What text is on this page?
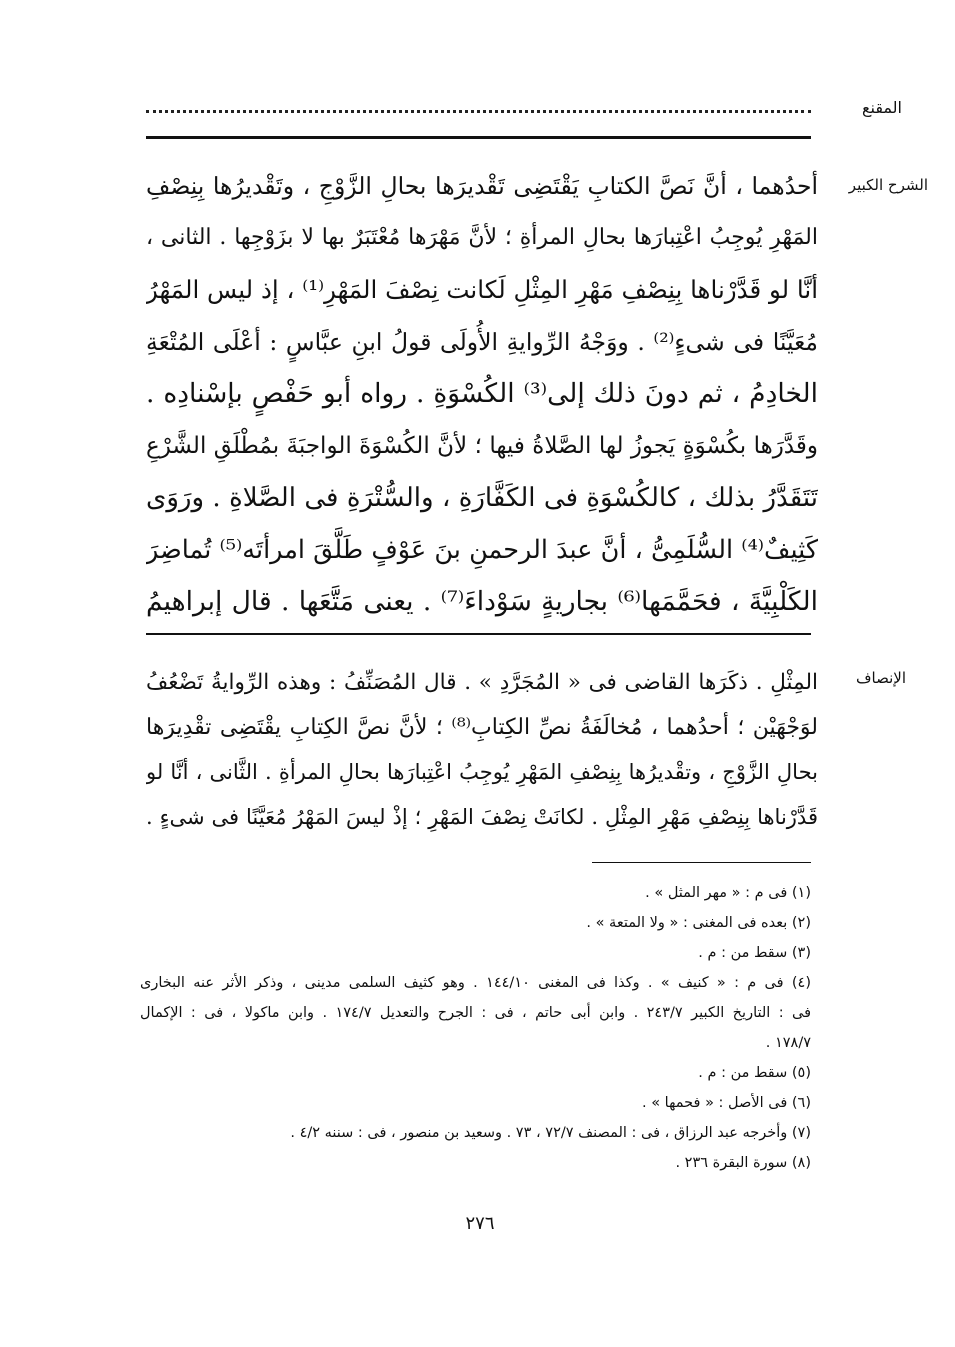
المقنع
الشرح الكبير
أحدُهما ، أنَّ نَصَّ الكتابِ يَقْتَضِى تَقْديرَها بحالِ الزَّوْجِ ، وتَقْديرُها بِنِصْفِ
المَهْرِ يُوجِبُ اعْتِبارَها بحالِ المرأةِ ؛ لأنَّ مَهْرَها مُعْتَبَرٌ بها لا بزَوْجِها . الثانى ،
أنَّا لو قَدَّرْناها بِنِصْفِ مَهْرِ المِثْلِ لَكانت نِصْفَ المَهْرِ⁽¹⁾ ، إذ ليس المَهْرُ
مُعَيَّنًا فى شىءٍ⁽²⁾ . ووَجْهُ الرِّوايةِ الأُولَى قولُ ابنِ عبَّاسٍ : أعْلَى المُتْعَةِ
الخادِمُ ، ثم دونَ ذلك إلى⁽³⁾ الكُسْوَةِ . رواه أبو حَفْصٍ بإسْنادِه .
وقَدَّرَها بكُسْوَةٍ يَجوزُ لها الصَّلاةُ فيها ؛ لأنَّ الكُسْوَةَ الواجبَةَ بمُطْلَقِ الشَّرْعِ
تَتَقَدَّرُ بذلك ، كالكُسْوَةِ فى الكَفَّارَةِ ، والسُّتْرَةِ فى الصَّلاةِ . ورَوَى
كَثِيفٌ⁽⁴⁾ السُّلَمِىُّ ، أنَّ عبدَ الرحمنِ بنَ عَوْفٍ طَلَّقَ امرأتَه⁽⁵⁾ تُماضِرَ
الكَلْبِيَّةَ ، فحَمَّمَها⁽⁶⁾ بجاريةٍ سَوْداءَ⁽⁷⁾ . يعنى مَتَّعَها . قال إبراهيمُ
الإنصاف
المِثْلِ . ذكَرَها القاضى فى « المُجَرَّدِ » . قال المُصَنِّفُ : وهذه الرِّوايةُ تَضْعُفُ
لوَجْهَيْن ؛ أحدُهما ، مُخالَفَةُ نصِّ الكِتابِ⁽⁸⁾ ؛ لأنَّ نصَّ الكِتابِ يقْتَضِى تقْدِيرَها
بحالِ الزَّوْجِ ، وتقْديرُها بِنِصْفِ المَهْرِ يُوجِبُ اعْتِبارَها بحالِ المرأةِ . الثَّانى ، أنَّا لو
قَدَّرْناها بِنِصْفِ مَهْرِ المِثْلِ . لكانَتْ نِصْفَ المَهْرِ ؛ إذْ ليسَ المَهْرُ مُعَيَّنًا فى شىءٍ .
(١) فى م : « مهر المثل » .
(٢) بعده فى المغنى : « ولا المتعة » .
(٣) سقط من : م .
(٤) فى م : « كنيف » . وكذا فى المغنى ١٤٤/١٠ . وهو كثيف السلمى مدينى ، وذكر الأثر عنه البخارى
فى : التاريخ الكبير ٢٤٣/٧ . وابن أبى حاتم ، فى : الجرح والتعديل ١٧٤/٧ . وابن ماكولا ، فى : الإكمال
١٧٨/٧ .
(٥) سقط من : م .
(٦) فى الأصل : « فحمها » .
(٧) وأخرجه عبد الرزاق ، فى : المصنف ٧٢/٧ ، ٧٣ . وسعيد بن منصور ، فى : سننه ٤/٢ .
(٨) سورة البقرة ٢٣٦ .
٢٧٦
